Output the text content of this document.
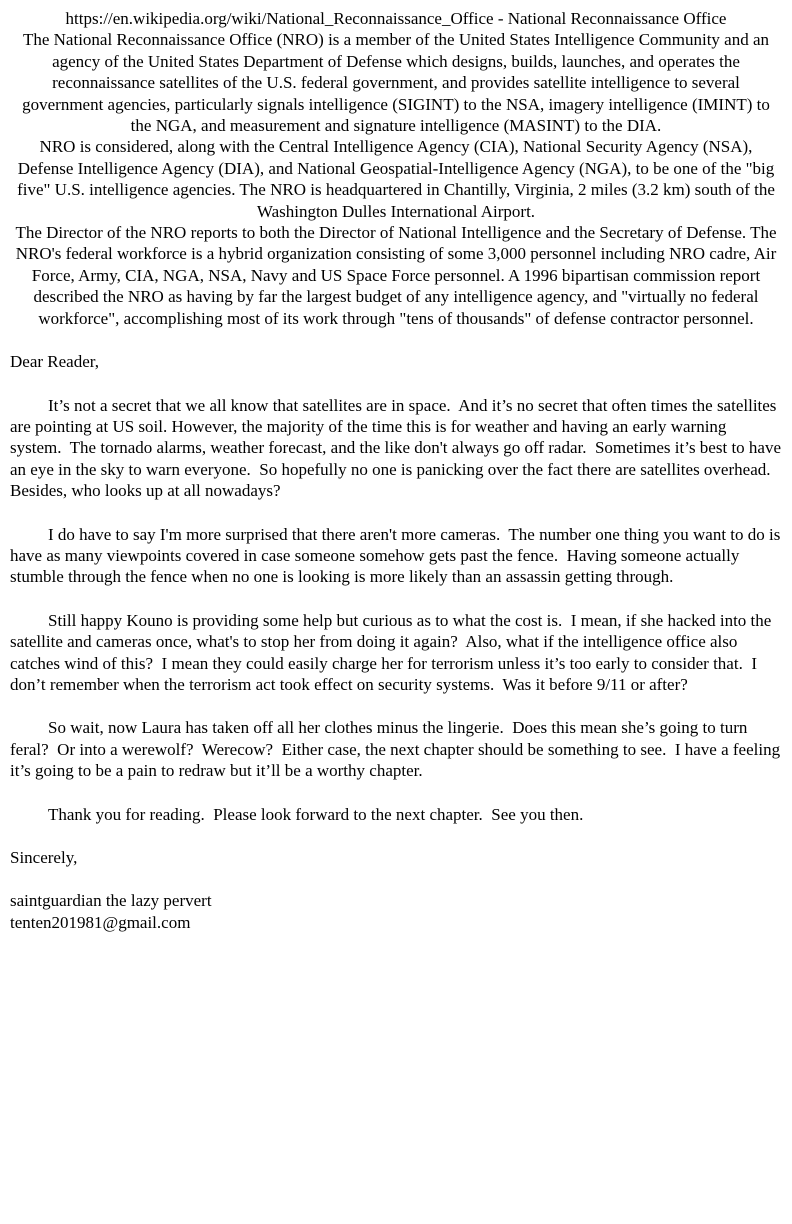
https://en.wikipedia.org/wiki/National_Reconnaissance_Office - National Reconnaissance Office

The National Reconnaissance Office (NRO) is a member of the United States Intelligence Community and an agency of the United States Department of Defense which designs, builds, launches, and operates the reconnaissance satellites of the U.S. federal government, and provides satellite intelligence to several government agencies, particularly signals intelligence (SIGINT) to the NSA, imagery intelligence (IMINT) to the NGA, and measurement and signature intelligence (MASINT) to the DIA.

NRO is considered, along with the Central Intelligence Agency (CIA), National Security Agency (NSA), Defense Intelligence Agency (DIA), and National Geospatial-Intelligence Agency (NGA), to be one of the "big five" U.S. intelligence agencies. The NRO is headquartered in Chantilly, Virginia, 2 miles (3.2 km) south of the Washington Dulles International Airport.

The Director of the NRO reports to both the Director of National Intelligence and the Secretary of Defense. The NRO's federal workforce is a hybrid organization consisting of some 3,000 personnel including NRO cadre, Air Force, Army, CIA, NGA, NSA, Navy and US Space Force personnel. A 1996 bipartisan commission report described the NRO as having by far the largest budget of any intelligence agency, and "virtually no federal workforce", accomplishing most of its work through "tens of thousands" of defense contractor personnel.

Dear Reader,

It’s not a secret that we all know that satellites are in space.  And it’s no secret that often times the satellites are pointing at US soil. However, the majority of the time this is for weather and having an early warning system.  The tornado alarms, weather forecast, and the like don't always go off radar.  Sometimes it’s best to have an eye in the sky to warn everyone.  So hopefully no one is panicking over the fact there are satellites overhead.  Besides, who looks up at all nowadays?

I do have to say I'm more surprised that there aren't more cameras.  The number one thing you want to do is have as many viewpoints covered in case someone somehow gets past the fence.  Having someone actually stumble through the fence when no one is looking is more likely than an assassin getting through.

Still happy Kouno is providing some help but curious as to what the cost is.  I mean, if she hacked into the satellite and cameras once, what's to stop her from doing it again?  Also, what if the intelligence office also catches wind of this?  I mean they could easily charge her for terrorism unless it’s too early to consider that.  I don’t remember when the terrorism act took effect on security systems.  Was it before 9/11 or after?

So wait, now Laura has taken off all her clothes minus the lingerie.  Does this mean she’s going to turn feral?  Or into a werewolf?  Werecow?  Either case, the next chapter should be something to see.  I have a feeling it’s going to be a pain to redraw but it’ll be a worthy chapter.

Thank you for reading.  Please look forward to the next chapter.  See you then.

Sincerely,

saintguardian the lazy pervert

tenten201981@gmail.com
